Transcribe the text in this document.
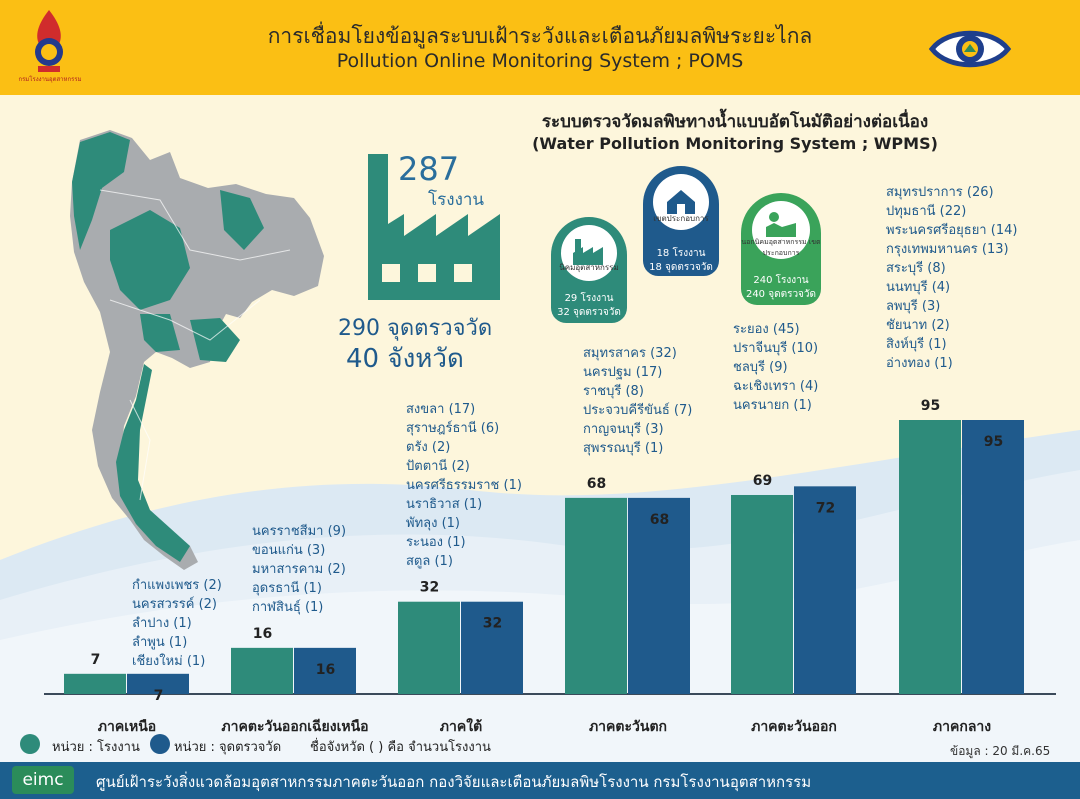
กรมโรงงานอุตสาหกรรม
การเชื่อมโยงข้อมูลระบบเฝ้าระวังและเตือนภัยมลพิษระยะไกล
Pollution Online Monitoring System ; POMS
ระบบตรวจวัดมลพิษทางน้ำแบบอัตโนมัติอย่างต่อเนื่อง
(Water Pollution Monitoring System ; WPMS)
287
โรงงาน
290 จุดตรวจวัด
40 จังหวัด
นิคมอุตสาหกรรม
29 โรงงาน
32 จุดตรวจวัด
เขตประกอบการ
18 โรงงาน
18 จุดตรวจวัด
นอกนิคมอุตสาหกรรม เขตประกอบการ
240 โรงงาน
240 จุดตรวจวัด
กำแพงเพชร (2)
นครสวรรค์ (2)
ลำปาง (1)
ลำพูน (1)
เชียงใหม่ (1)
นครราชสีมา (9)
ขอนแก่น (3)
มหาสารคาม (2)
อุดรธานี (1)
กาฬสินธุ์ (1)
สงขลา (17)
สุราษฎร์ธานี (6)
ตรัง (2)
ปัตตานี (2)
นครศรีธรรมราช (1)
นราธิวาส (1)
พัทลุง (1)
ระนอง (1)
สตูล (1)
สมุทรสาคร (32)
นครปฐม (17)
ราชบุรี (8)
ประจวบคีรีขันธ์ (7)
กาญจนบุรี (3)
สุพรรณบุรี (1)
ระยอง (45)
ปราจีนบุรี (10)
ชลบุรี (9)
ฉะเชิงเทรา (4)
นครนายก (1)
สมุทรปราการ (26)
ปทุมธานี (22)
พระนครศรีอยุธยา (14)
กรุงเทพมหานคร (13)
สระบุรี (8)
นนทบุรี (4)
ลพบุรี (3)
ชัยนาท (2)
สิงห์บุรี (1)
อ่างทอง (1)
7
16
32
68	69
95
7
16
32
68
72
95
ภาคเหนือ	ภาคตะวันออกเฉียงเหนือ	ภาคใต้	ภาคตะวันตก	ภาคตะวันออก	ภาคกลาง
หน่วย : โรงงาน	หน่วย : จุดตรวจวัด ชื่อจังหวัด ( ) คือ จำนวนโรงงาน	ข้อมูล : 20 มี.ค.65
eimc	ศูนย์เฝ้าระวังสิ่งแวดล้อมอุตสาหกรรมภาคตะวันออก กองวิจัยและเตือนภัยมลพิษโรงงาน กรมโรงงานอุตสาหกรรม
